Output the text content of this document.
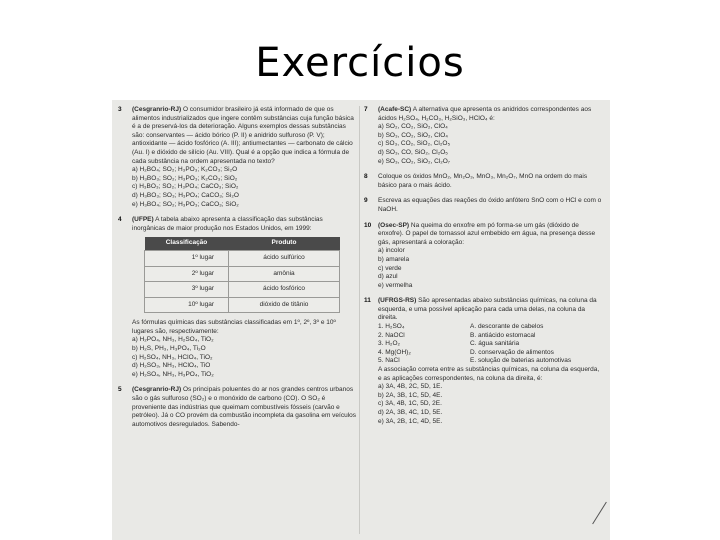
Exercícios
3 (Cesgranrio-RJ) O consumidor brasileiro já está informado de que os alimentos industrializados que ingere contêm substâncias cuja função básica é a de preservá-los da deterioração. Alguns exemplos dessas substâncias são: conservantes — ácido bórico (P. II) e anidrido sulfuroso (P. V); antioxidante — ácido fosfórico (A. III); antiumectantes — carbonato de cálcio (Au. I) e dióxido de silício (Au. VIII). Qual é a opção que indica a fórmula de cada substância na ordem apresentada no texto?
a) H₂BO₄; SO₂; H₃PO₃; K₂CO₃; Si₂O
b) H₃BO₃; SO₂; H₃PO₃; K₂CO₃; SiO₂
c) H₃BO₃; SO₂; H₃PO₄; CaCO₃; SiO₂
d) H₃BO₃; SO₃; H₃PO₄; CaCO₃; Si₂O
e) H₃BO₄; SO₂; H₃PO₃; CaCO₃; SiO₂
4 (UFPE) A tabela abaixo apresenta a classificação das substâncias inorgânicas de maior produção nos Estados Unidos, em 1999:
Classificação	Produto
1º lugar	ácido sulfúrico
2º lugar	amônia
3º lugar	ácido fosfórico
10º lugar	dióxido de titânio
As fórmulas químicas das substâncias classificadas em 1º, 2º, 3º e 10º lugares são, respectivamente:
a) H₂PO₄, NH₃, H₂SO₄, TiO₂
b) H₂S, PH₃, H₃PO₄, Ti₂O
c) H₂SO₄, NH₃, HClO₄, TiO₂
d) H₂SO₃, NH₃, HClO₄, TiO
e) H₂SO₄, NH₃, H₃PO₄, TiO₂
5 (Cesgranrio-RJ) Os principais poluentes do ar nos grandes centros urbanos são o gás sulfuroso (SO₂) e o monóxido de carbono (CO). O SO₂ é proveniente das indústrias que queimam combustíveis fósseis (carvão e petróleo). Já o CO provém da combustão incompleta da gasolina em veículos automotivos desregulados. Sabendo-
7 (Acafe-SC) A alternativa que apresenta os anidridos correspondentes aos ácidos H₂SO₄, H₂CO₃, H₂SiO₃, HClO₄ é:
a) SO₂, CO₂, SiO₂, ClO₄
b) SO₃, CO₂, SiO₂, ClO₄
c) SO₃, CO₂, SiO₂, Cl₂O₅
d) SO₃, CO, SiO₂, Cl₂O₅
e) SO₃, CO₂, SiO₂, Cl₂O₇
8 Coloque os óxidos MnO₂, Mn₂O₃, MnO₃, Mn₂O₇, MnO na ordem do mais básico para o mais ácido.
9 Escreva as equações das reações do óxido anfótero SnO com o HCl e com o NaOH.
10 (Osec-SP) Na queima do enxofre em pó forma-se um gás (dióxido de enxofre). O papel de tornassol azul embebido em água, na presença desse gás, apresentará a coloração:
a) incolor
b) amarela
c) verde
d) azul
e) vermelha
11 (UFRGS-RS) São apresentadas abaixo substâncias químicas, na coluna da esquerda, e uma possível aplicação para cada uma delas, na coluna da direita.
1. H₂SO₄	A. descorante de cabelos
2. NaOCl	B. antiácido estomacal
3. H₂O₂	C. água sanitária
4. Mg(OH)₂	D. conservação de alimentos
5. NaCl	E. solução de baterias automotivas
A associação correta entre as substâncias químicas, na coluna da esquerda, e as aplicações correspondentes, na coluna da direita, é:
a) 3A, 4B, 2C, 5D, 1E.
b) 2A, 3B, 1C, 5D, 4E.
c) 3A, 4B, 1C, 5D, 2E.
d) 2A, 3B, 4C, 1D, 5E.
e) 3A, 2B, 1C, 4D, 5E.
